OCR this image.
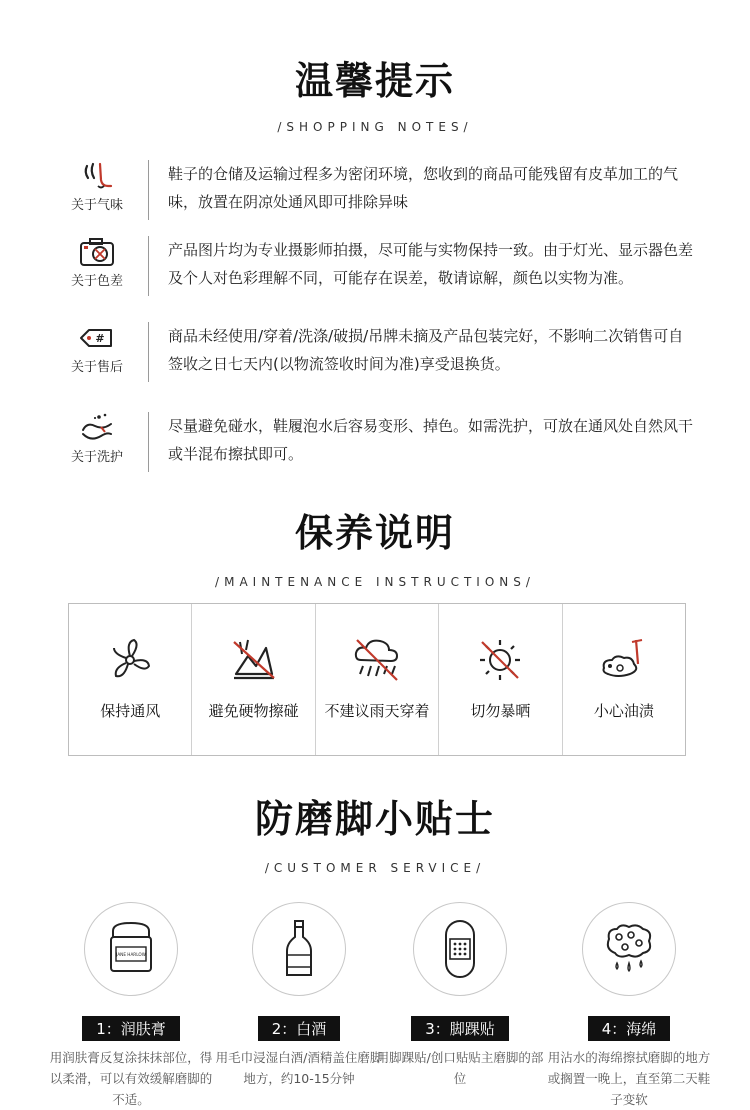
温馨提示
/SHOPPING NOTES/
关于气味
鞋子的仓储及运输过程多为密闭环境，您收到的商品可能残留有皮革加工的气味，放置在阴凉处通风即可排除异味
关于色差
产品图片均为专业摄影师拍摄，尽可能与实物保持一致。由于灯光、显示器色差及个人对色彩理解不同，可能存在误差，敬请谅解，颜色以实物为准。
#
关于售后
商品未经使用/穿着/洗涤/破损/吊牌未摘及产品包装完好，不影响二次销售可自签收之日七天内(以物流签收时间为准)享受退换货。
关于洗护
尽量避免碰水，鞋履泡水后容易变形、掉色。如需洗护，可放在通风处自然风干或半混布擦拭即可。
保养说明
/MAINTENANCE INSTRUCTIONS/
保持通风	避免硬物擦碰 不建议雨天穿着	切勿暴晒	小心油渍
防磨脚小贴士
/CUSTOMER SERVICE/
JANE HARLOW
1：润肤膏
用润肤膏反复涂抹抹部位，得以柔滑，可以有效缓解磨脚的不适。
2：白酒
用毛巾浸湿白酒/酒精盖住磨脚地方，约10-15分钟
3：脚踝贴
用脚踝贴/创口贴贴主磨脚的部位
4：海绵
用沾水的海绵擦拭磨脚的地方或搁置一晚上，直至第二天鞋子变软
